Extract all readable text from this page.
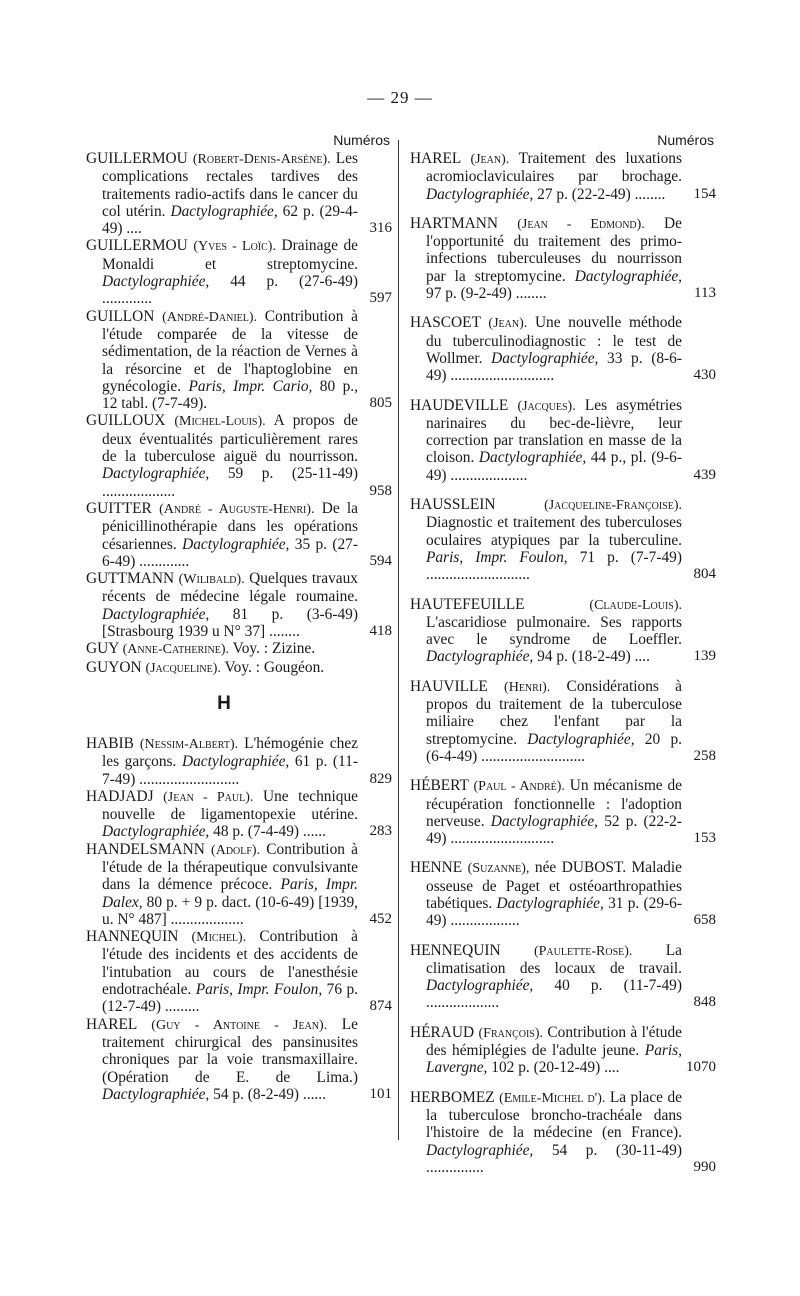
— 29 —
Numéros
GUILLERMOU (Robert-Denis-Arsène). Les complications rectales tardives des traitements radio-actifs dans le cancer du col utérin. Dactylographiée, 62 p. (29-4-49) ....	316
GUILLERMOU (Yves - Loïc). Drainage de Monaldi et streptomycine. Dactylographiée, 44 p. (27-6-49) .............	597
GUILLON (André-Daniel). Contribution à l'étude comparée de la vitesse de sédimentation, de la réaction de Vernes à la résorcine et de l'haptoglobine en gynécologie. Paris, Impr. Cario, 80 p., 12 tabl. (7-7-49).	805
GUILLOUX (Michel-Louis). A propos de deux éventualités particulièrement rares de la tuberculose aiguë du nourrisson. Dactylographiée, 59 p. (25-11-49) ...................	958
GUITTER (André - Auguste-Henri). De la pénicillinothérapie dans les opérations césariennes. Dactylographiée, 35 p. (27-6-49) .............	594
GUTTMANN (Wilibald). Quelques travaux récents de médecine légale roumaine. Dactylographiée, 81 p. (3-6-49) [Strasbourg 1939 u N° 37] ........	418
GUY (Anne-Catherine). Voy. : Zizine.
GUYON (Jacqueline). Voy. : Gougéon.
H
HABIB (Nessim-Albert). L'hémogénie chez les garçons. Dactylographiée, 61 p. (11-7-49) ..........................	829
HADJADJ (Jean - Paul). Une technique nouvelle de ligamentopexie utérine. Dactylographiée, 48 p. (7-4-49) ......	283
HANDELSMANN (Adolf). Contribution à l'étude de la thérapeutique convulsivante dans la démence précoce. Paris, Impr. Dalex, 80 p. + 9 p. dact. (10-6-49) [1939, u. N° 487] ...................	452
HANNEQUIN (Michel). Contribution à l'étude des incidents et des accidents de l'intubation au cours de l'anesthésie endotrachéale. Paris, Impr. Foulon, 76 p. (12-7-49) .........	874
HAREL (Guy - Antoine - Jean). Le traitement chirurgical des pansinusites chroniques par la voie transmaxillaire. (Opération de E. de Lima.) Dactylographiée, 54 p. (8-2-49) ......	101
Numéros
HAREL (Jean). Traitement des luxations acromioclaviculaires par brochage. Dactylographiée, 27 p. (22-2-49) ........ 154
HARTMANN (Jean - Edmond). De l'opportunité du traitement des primo-infections tuberculeuses du nourrisson par la streptomycine. Dactylographiée, 97 p. (9-2-49) ........	113
HASCOET (Jean). Une nouvelle méthode du tuberculinodiagnostic : le test de Wollmer. Dactylographiée, 33 p. (8-6-49) ...........................	430
HAUDEVILLE (Jacques). Les asymétries narinaires du bec-de-lièvre, leur correction par translation en masse de la cloison. Dactylographiée, 44 p., pl. (9-6-49) ....................	439
HAUSSLEIN	(Jacqueline-Françoise). Diagnostic et traitement des tuberculoses oculaires atypiques par la tuberculine. Paris, Impr. Foulon, 71 p. (7-7-49) ...........................	804
HAUTEFEUILLE	(Claude-Louis). L'ascaridiose pulmonaire. Ses rapports avec le syndrome de Loeffler. Dactylographiée, 94 p. (18-2-49) ....	139
HAUVILLE (Henri). Considérations à propos du traitement de la tuberculose miliaire chez l'enfant par la streptomycine. Dactylographiée, 20 p. (6-4-49) ...........................	258
HÉBERT (Paul - André). Un mécanisme de récupération fonctionnelle : l'adoption nerveuse. Dactylographiée, 52 p. (22-2-49) ...........................	153
HENNE (Suzanne), née DUBOST. Maladie osseuse de Paget et ostéoarthropathies tabétiques. Dactylographiée, 31 p. (29-6-49) ..................	658
HENNEQUIN (Paulette-Rose). La climatisation des locaux de travail. Dactylographiée, 40 p. (11-7-49) ...................	848
HÉRAUD (François). Contribution à l'étude des hémiplégies de l'adulte jeune. Paris, Lavergne, 102 p. (20-12-49) ....	1070
HERBOMEZ (Emile-Michel d'). La place de la tuberculose broncho-trachéale dans l'histoire de la médecine (en France). Dactylographiée, 54 p. (30-11-49) ...............	990
